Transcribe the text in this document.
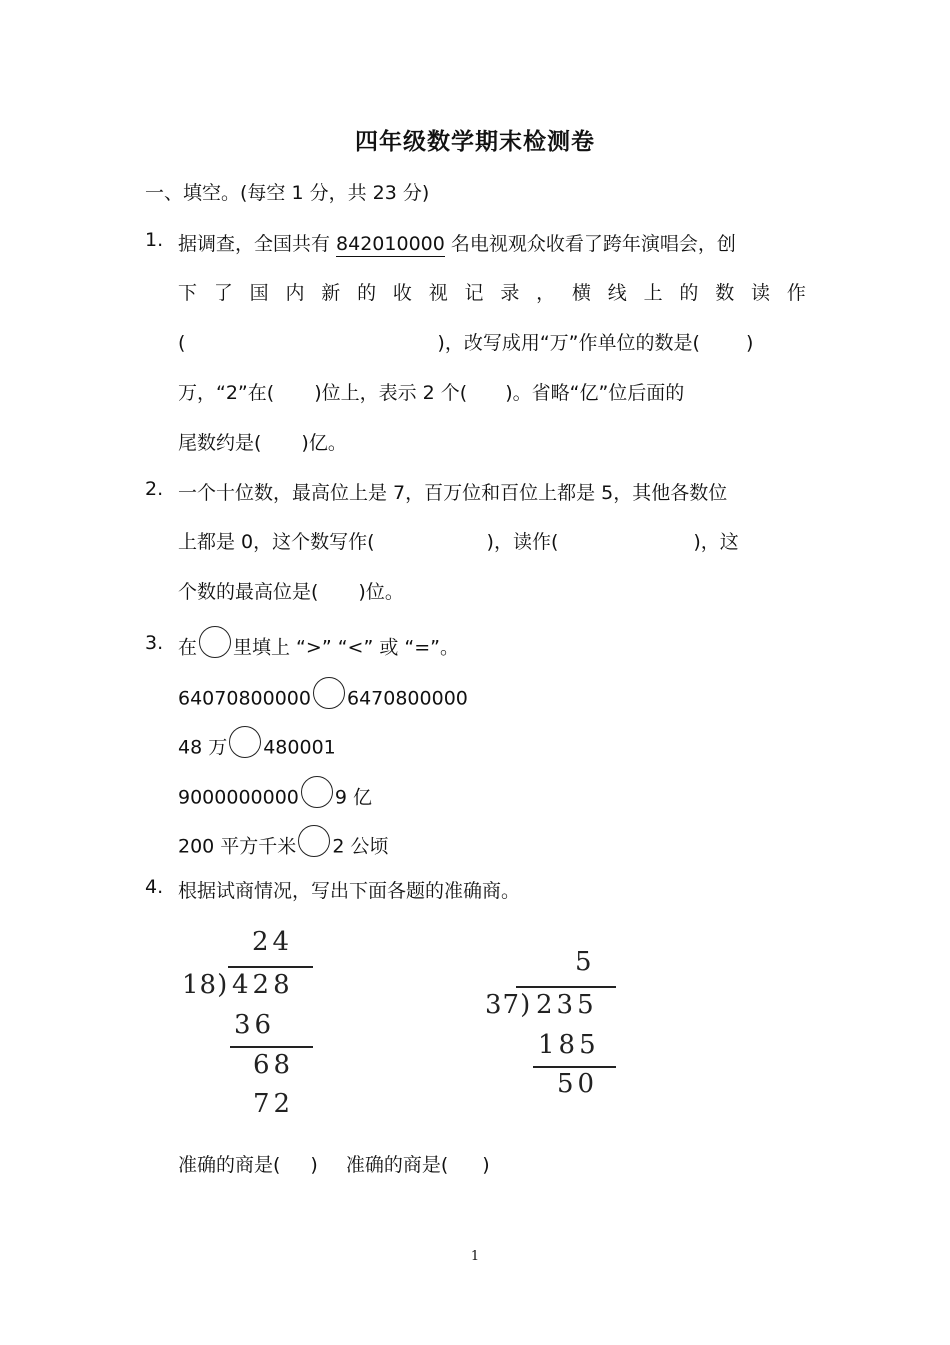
四年级数学期末检测卷
一、填空。(每空 1 分，共 23 分)
1. 据调查，全国共有 842010000 名电视观众收看了跨年演唱会，创
下 了 国 内 新 的 收 视 记 录 ， 横 线 上 的 数 读 作
(	)，改写成用“万”作单位的数是( )
万，“2”在( )位上，表示 2 个( )。省略“亿”位后面的
尾数约是( )亿。
2. 一个十位数，最高位上是 7，百万位和百位上都是 5，其他各数位
上都是 0，这个数写作(	)，读作(	)，这
个数的最高位是( )位。
3. 在 里填上 “>” “<” 或 “=”。
64070800000 6470800000
48 万 480001
9000000000 9 亿
200 平方千米 2 公顷
4. 根据试商情况，写出下面各题的准确商。
24
18) 428
36
68
72
5
37) 235
185
50
准确的商是( ) 准确的商是( )
1
